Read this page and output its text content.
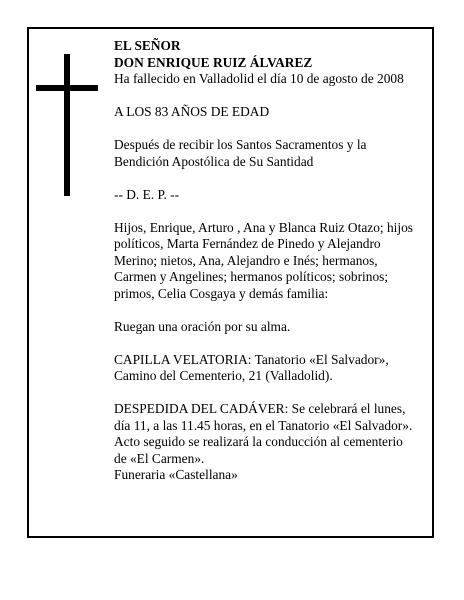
EL SEÑOR

DON ENRIQUE RUIZ ÁLVAREZ

Ha fallecido en Valladolid el día 10 de agosto de 2008

A LOS 83 AÑOS DE EDAD

Después de recibir los Santos Sacramentos y la

Bendición Apostólica de Su Santidad

-- D. E. P. --

Hijos, Enrique, Arturo , Ana y Blanca Ruiz Otazo; hijos

políticos, Marta Fernández de Pinedo y Alejandro

Merino; nietos, Ana, Alejandro e Inés; hermanos,

Carmen y Angelines; hermanos políticos; sobrinos;

primos, Celia Cosgaya y demás familia:

Ruegan una oración por su alma.

CAPILLA VELATORIA: Tanatorio «El Salvador»,

Camino del Cementerio, 21 (Valladolid).

DESPEDIDA DEL CADÁVER: Se celebrará el lunes,

día 11, a las 11.45 horas, en el Tanatorio «El Salvador».

Acto seguido se realizará la conducción al cementerio

de «El Carmen».

Funeraria «Castellana»
